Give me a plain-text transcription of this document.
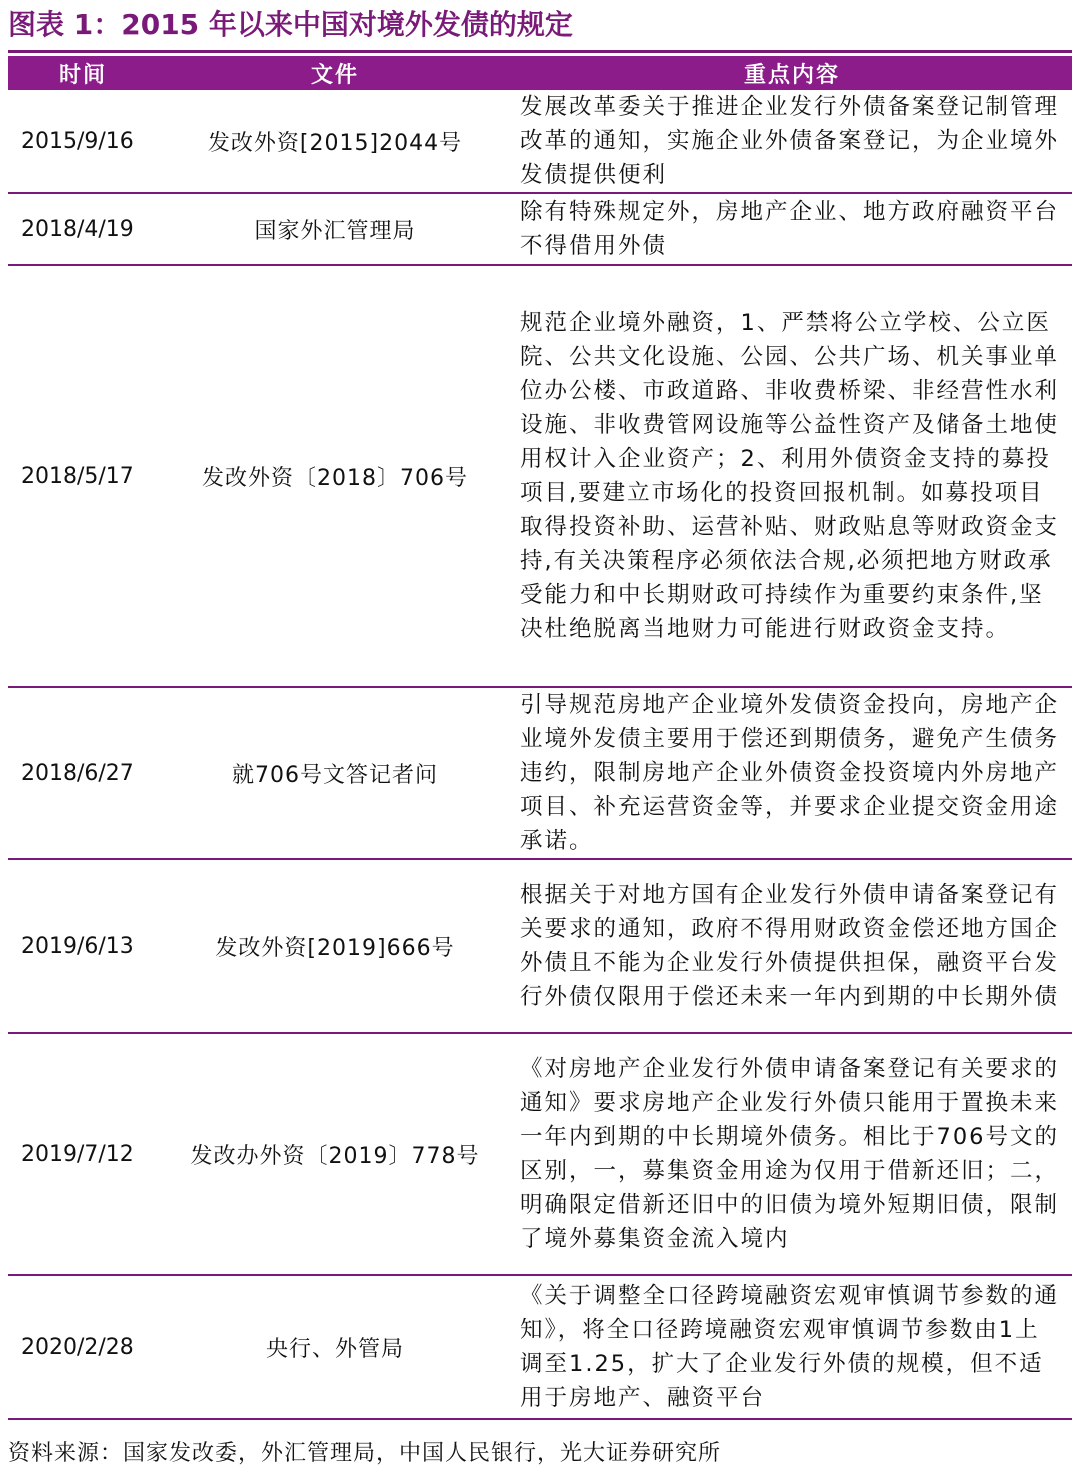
图表 1：2015 年以来中国对境外发债的规定
时间	文件	重点内容
2015/9/16	发改外资[2015]2044号	发展改革委关于推进企业发行外债备案登记制管理改革的通知，实施企业外债备案登记，为企业境外发债提供便利
2018/4/19	国家外汇管理局	除有特殊规定外，房地产企业、地方政府融资平台不得借用外债
2018/5/17	发改外资〔2018〕706号	规范企业境外融资，1、严禁将公立学校、公立医院、公共文化设施、公园、公共广场、机关事业单位办公楼、市政道路、非收费桥梁、非经营性水利设施、非收费管网设施等公益性资产及储备土地使用权计入企业资产；2、利用外债资金支持的募投项目,要建立市场化的投资回报机制。如募投项目取得投资补助、运营补贴、财政贴息等财政资金支持,有关决策程序必须依法合规,必须把地方财政承受能力和中长期财政可持续作为重要约束条件,坚决杜绝脱离当地财力可能进行财政资金支持。
2018/6/27	就706号文答记者问	引导规范房地产企业境外发债资金投向，房地产企业境外发债主要用于偿还到期债务，避免产生债务违约，限制房地产企业外债资金投资境内外房地产项目、补充运营资金等，并要求企业提交资金用途承诺。
2019/6/13	发改外资[2019]666号	根据关于对地方国有企业发行外债申请备案登记有关要求的通知，政府不得用财政资金偿还地方国企外债且不能为企业发行外债提供担保，融资平台发行外债仅限用于偿还未来一年内到期的中长期外债
2019/7/12	发改办外资〔2019〕778号	《对房地产企业发行外债申请备案登记有关要求的通知》要求房地产企业发行外债只能用于置换未来一年内到期的中长期境外债务。相比于706号文的区别，一，募集资金用途为仅用于借新还旧；二，明确限定借新还旧中的旧债为境外短期旧债，限制了境外募集资金流入境内
2020/2/28	央行、外管局	《关于调整全口径跨境融资宏观审慎调节参数的通知》，将全口径跨境融资宏观审慎调节参数由1上调至1.25，扩大了企业发行外债的规模，但不适用于房地产、融资平台
资料来源：国家发改委，外汇管理局，中国人民银行，光大证券研究所
